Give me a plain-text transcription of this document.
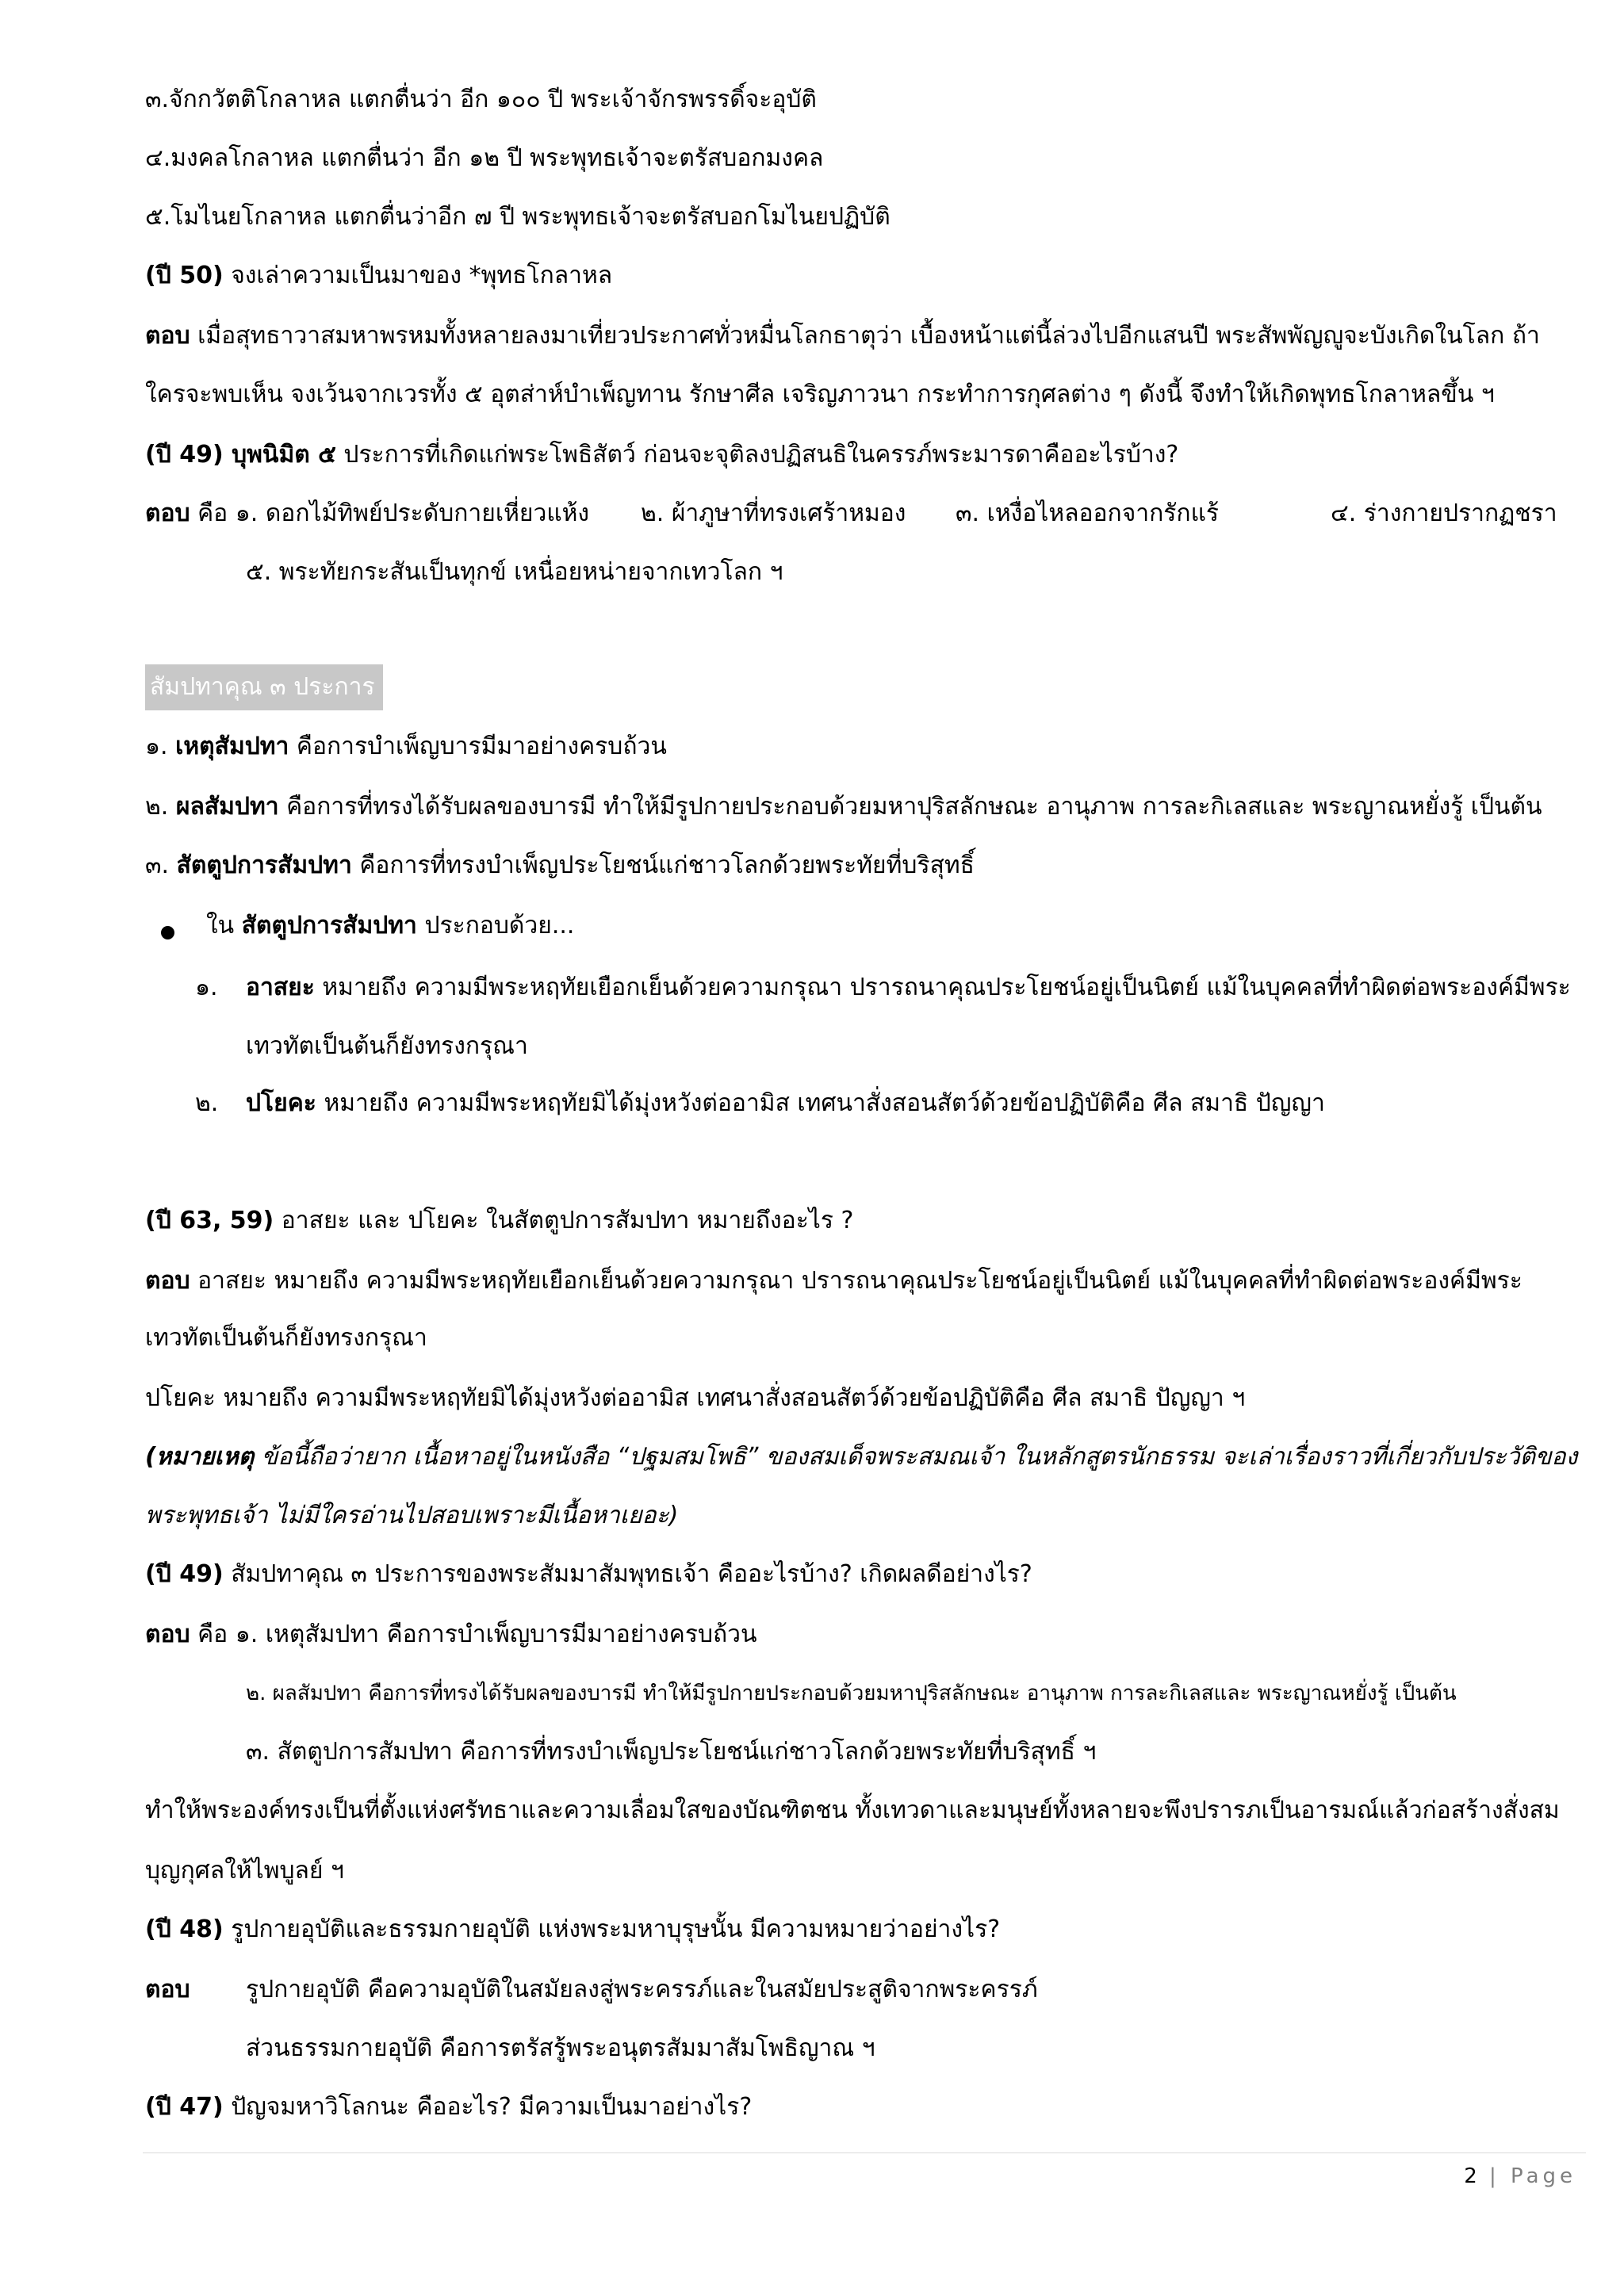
๓.จักกวัตติโกลาหล แตกตื่นว่า อีก ๑๐๐ ปี พระเจ้าจักรพรรดิ์จะอุบัติ

๔.มงคลโกลาหล แตกตื่นว่า อีก ๑๒ ปี พระพุทธเจ้าจะตรัสบอกมงคล

๕.โมไนยโกลาหล แตกตื่นว่าอีก ๗ ปี พระพุทธเจ้าจะตรัสบอกโมไนยปฏิบัติ

(ปี 50) จงเล่าความเป็นมาของ *พุทธโกลาหล

ตอบ เมื่อสุทธาวาสมหาพรหมทั้งหลายลงมาเที่ยวประกาศทั่วหมื่นโลกธาตุว่า เบื้องหน้าแต่นี้ล่วงไปอีกแสนปี พระสัพพัญญูจะบังเกิดในโลก ถ้า

ใครจะพบเห็น จงเว้นจากเวรทั้ง ๕ อุตส่าห์บำเพ็ญทาน รักษาศีล เจริญภาวนา กระทำการกุศลต่าง ๆ ดังนี้ จึงทำให้เกิดพุทธโกลาหลขึ้น ฯ

(ปี 49) บุพนิมิต ๕ ประการที่เกิดแก่พระโพธิสัตว์ ก่อนจะจุติลงปฏิสนธิในครรภ์พระมารดาคืออะไรบ้าง?

ตอบ คือ ๑. ดอกไม้ทิพย์ประดับกายเหี่ยวแห้ง ๒. ผ้าภูษาที่ทรงเศร้าหมอง ๓. เหงื่อไหลออกจากรักแร้	๔. ร่างกายปรากฏชรา

๕. พระทัยกระสันเป็นทุกข์ เหนื่อยหน่ายจากเทวโลก ฯ

สัมปทาคุณ ๓ ประการ

๑. เหตุสัมปทา คือการบำเพ็ญบารมีมาอย่างครบถ้วน

๒. ผลสัมปทา คือการที่ทรงได้รับผลของบารมี ทำให้มีรูปกายประกอบด้วยมหาปุริสลักษณะ อานุภาพ การละกิเลสและ พระญาณหยั่งรู้ เป็นต้น

๓. สัตตูปการสัมปทา คือการที่ทรงบำเพ็ญประโยชน์แก่ชาวโลกด้วยพระทัยที่บริสุทธิ์

ใน สัตตูปการสัมปทา ประกอบด้วย...

๑. อาสยะ หมายถึง ความมีพระหฤทัยเยือกเย็นด้วยความกรุณา ปรารถนาคุณประโยชน์อยู่เป็นนิตย์ แม้ในบุคคลที่ทำผิดต่อพระองค์มีพระ

เทวทัตเป็นต้นก็ยังทรงกรุณา

๒. ปโยคะ หมายถึง ความมีพระหฤทัยมิได้มุ่งหวังต่ออามิส เทศนาสั่งสอนสัตว์ด้วยข้อปฏิบัติคือ ศีล สมาธิ ปัญญา

(ปี 63, 59) อาสยะ และ ปโยคะ ในสัตตูปการสัมปทา หมายถึงอะไร ?

ตอบ อาสยะ หมายถึง ความมีพระหฤทัยเยือกเย็นด้วยความกรุณา ปรารถนาคุณประโยชน์อยู่เป็นนิตย์ แม้ในบุคคลที่ทำผิดต่อพระองค์มีพระ

เทวทัตเป็นต้นก็ยังทรงกรุณา

ปโยคะ หมายถึง ความมีพระหฤทัยมิได้มุ่งหวังต่ออามิส เทศนาสั่งสอนสัตว์ด้วยข้อปฏิบัติคือ ศีล สมาธิ ปัญญา ฯ

(หมายเหตุ ข้อนี้ถือว่ายาก เนื้อหาอยู่ในหนังสือ “ปฐมสมโพธิ” ของสมเด็จพระสมณเจ้า ในหลักสูตรนักธรรม จะเล่าเรื่องราวที่เกี่ยวกับประวัติของ

พระพุทธเจ้า ไม่มีใครอ่านไปสอบเพราะมีเนื้อหาเยอะ)

(ปี 49) สัมปทาคุณ ๓ ประการของพระสัมมาสัมพุทธเจ้า คืออะไรบ้าง? เกิดผลดีอย่างไร?

ตอบ คือ ๑. เหตุสัมปทา คือการบำเพ็ญบารมีมาอย่างครบถ้วน

๒. ผลสัมปทา คือการที่ทรงได้รับผลของบารมี ทำให้มีรูปกายประกอบด้วยมหาปุริสลักษณะ อานุภาพ การละกิเลสและ พระญาณหยั่งรู้ เป็นต้น

๓. สัตตูปการสัมปทา คือการที่ทรงบำเพ็ญประโยชน์แก่ชาวโลกด้วยพระทัยที่บริสุทธิ์ ฯ

ทำให้พระองค์ทรงเป็นที่ตั้งแห่งศรัทธาและความเลื่อมใสของบัณฑิตชน ทั้งเทวดาและมนุษย์ทั้งหลายจะพึงปรารภเป็นอารมณ์แล้วก่อสร้างสั่งสม

บุญกุศลให้ไพบูลย์ ฯ

(ปี 48) รูปกายอุบัติและธรรมกายอุบัติ แห่งพระมหาบุรุษนั้น มีความหมายว่าอย่างไร?

ตอบ รูปกายอุบัติ คือความอุบัติในสมัยลงสู่พระครรภ์และในสมัยประสูติจากพระครรภ์

ส่วนธรรมกายอุบัติ คือการตรัสรู้พระอนุตรสัมมาสัมโพธิญาณ ฯ

(ปี 47) ปัญจมหาวิโลกนะ คืออะไร? มีความเป็นมาอย่างไร?

2 | Page
